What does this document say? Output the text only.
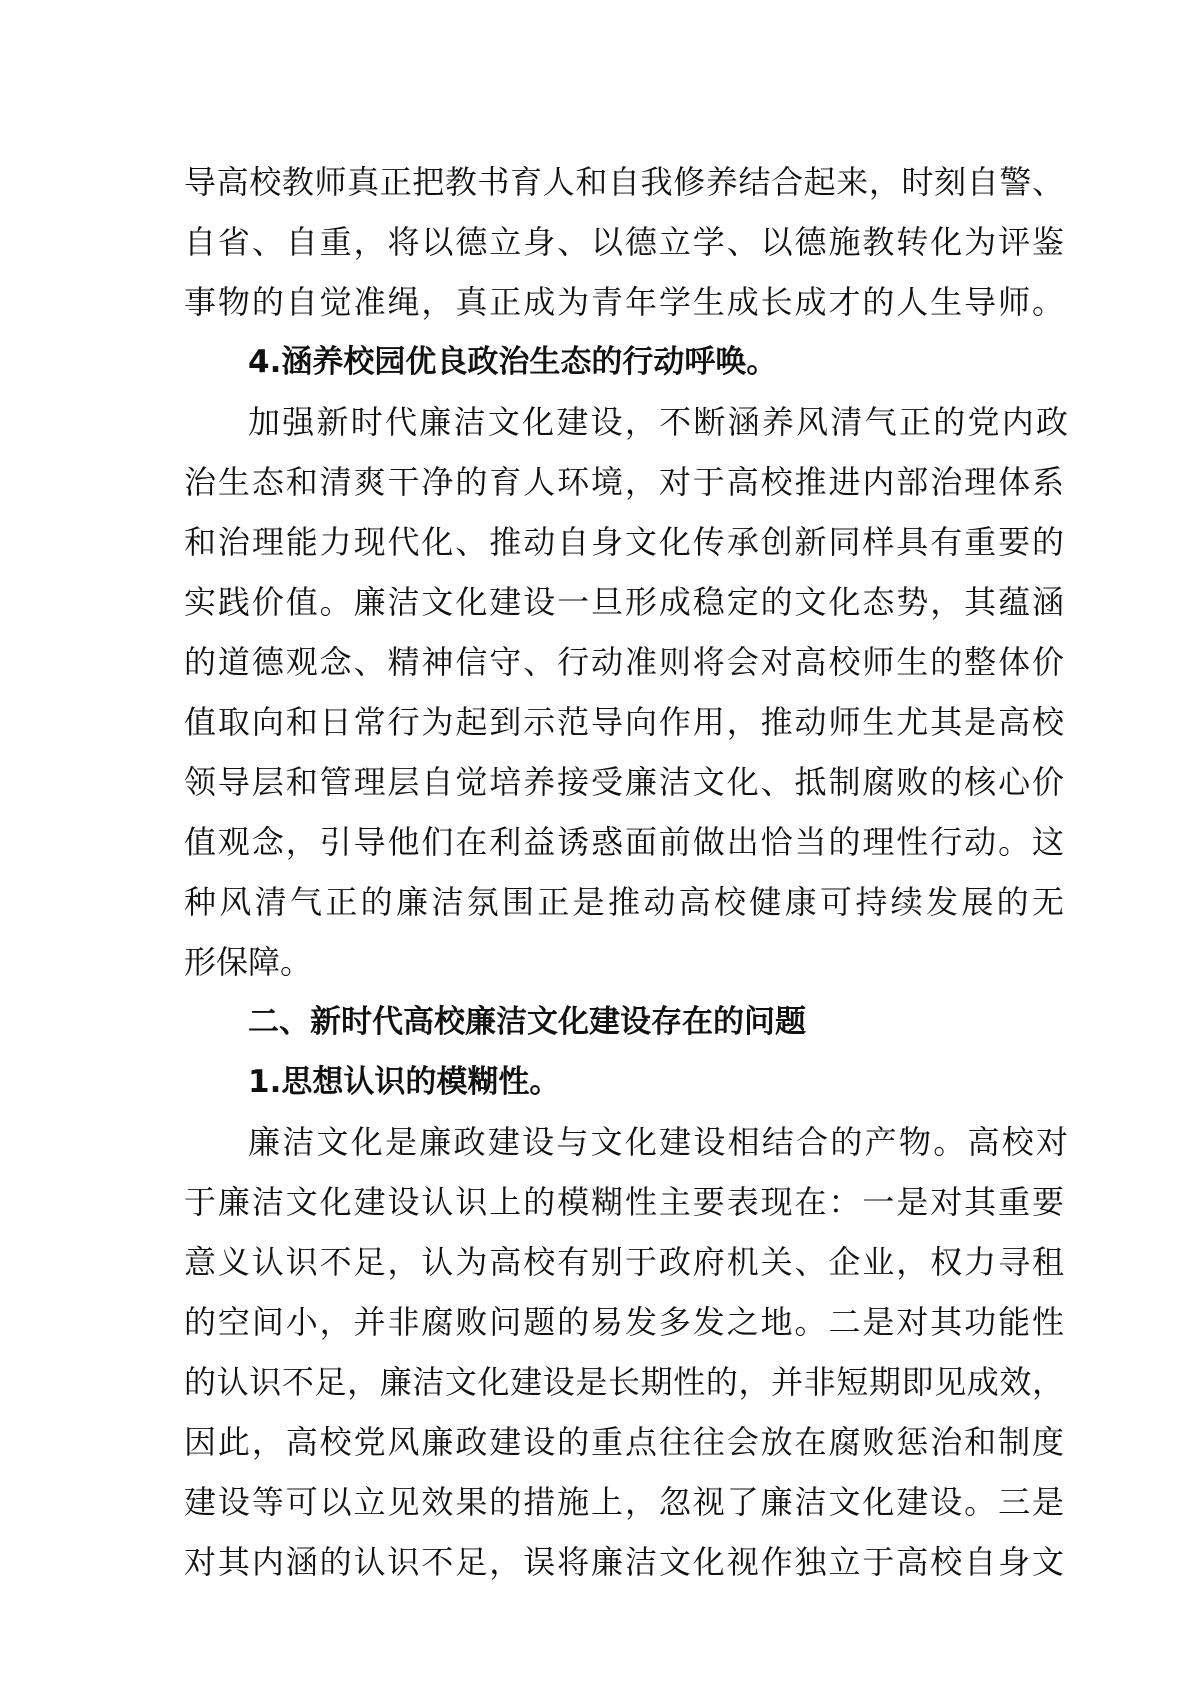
导高校教师真正把教书育人和自我修养结合起来，时刻自警、
自省、自重，将以德立身、以德立学、以德施教转化为评鉴
事物的自觉准绳，真正成为青年学生成长成才的人生导师。
4.涵养校园优良政治生态的行动呼唤。
加强新时代廉洁文化建设，不断涵养风清气正的党内政
治生态和清爽干净的育人环境，对于高校推进内部治理体系
和治理能力现代化、推动自身文化传承创新同样具有重要的
实践价值。廉洁文化建设一旦形成稳定的文化态势，其蕴涵
的道德观念、精神信守、行动准则将会对高校师生的整体价
值取向和日常行为起到示范导向作用，推动师生尤其是高校
领导层和管理层自觉培养接受廉洁文化、抵制腐败的核心价
值观念，引导他们在利益诱惑面前做出恰当的理性行动。这
种风清气正的廉洁氛围正是推动高校健康可持续发展的无
形保障。
二、新时代高校廉洁文化建设存在的问题
1.思想认识的模糊性。
廉洁文化是廉政建设与文化建设相结合的产物。高校对
于廉洁文化建设认识上的模糊性主要表现在：一是对其重要
意义认识不足，认为高校有别于政府机关、企业，权力寻租
的空间小，并非腐败问题的易发多发之地。二是对其功能性
的认识不足，廉洁文化建设是长期性的，并非短期即见成效，
因此，高校党风廉政建设的重点往往会放在腐败惩治和制度
建设等可以立见效果的措施上，忽视了廉洁文化建设。三是
对其内涵的认识不足，误将廉洁文化视作独立于高校自身文
